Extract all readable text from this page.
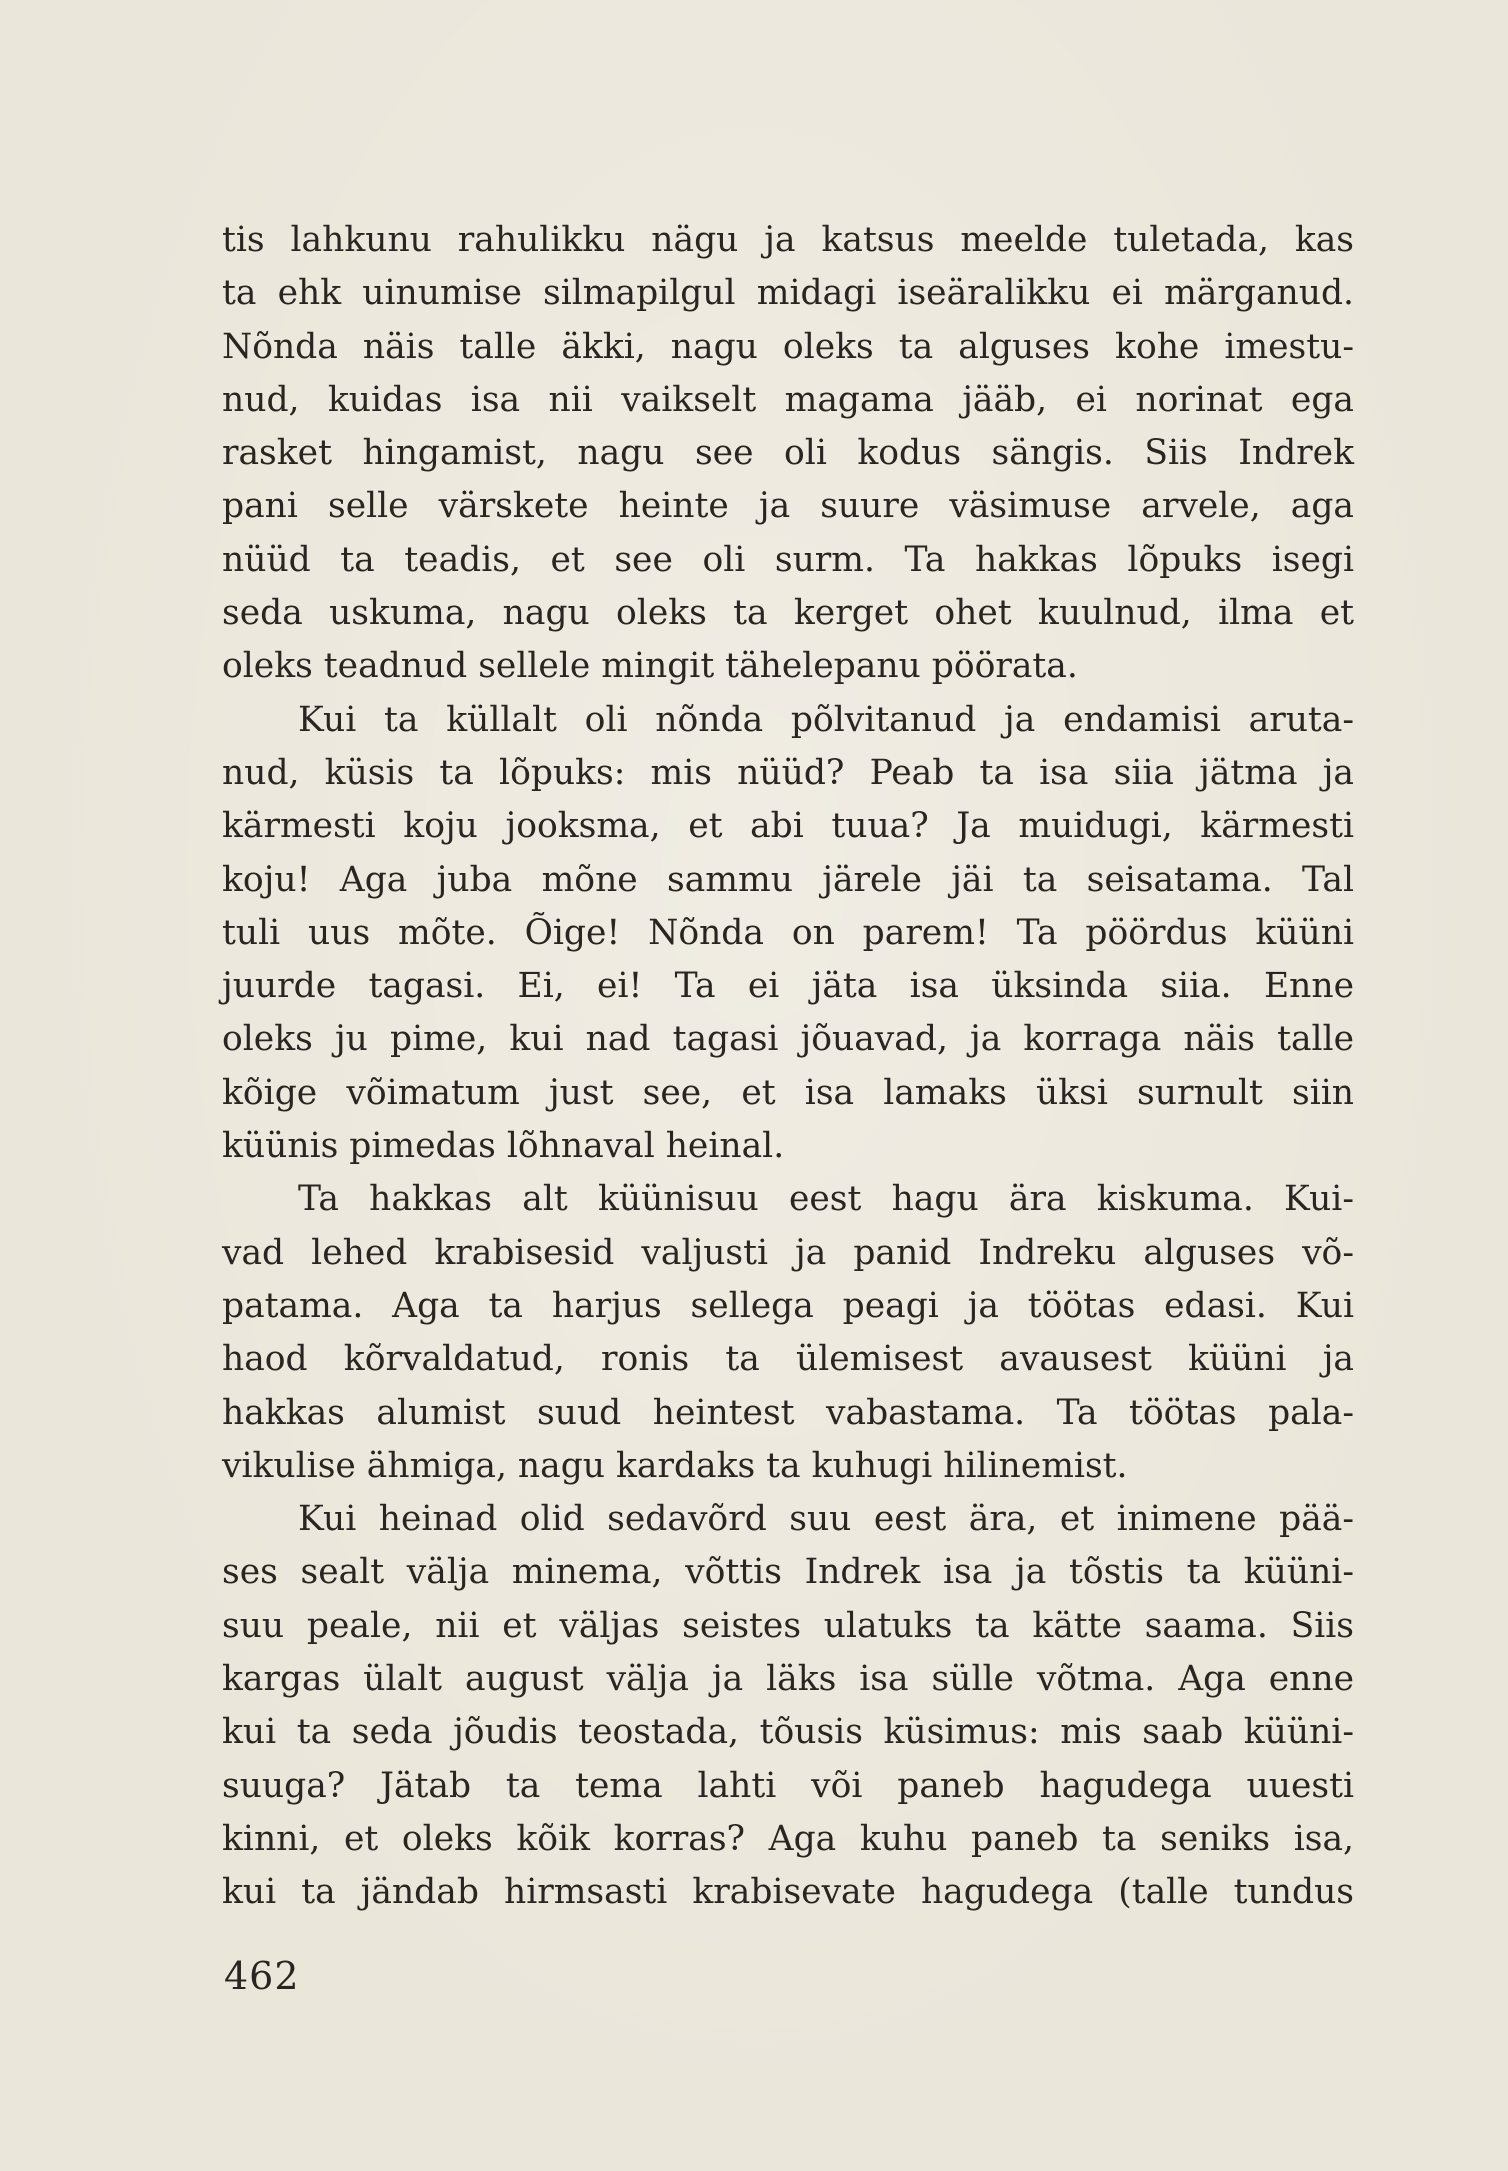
tis lahkunu rahulikku nägu ja katsus meelde tuletada, kas
ta ehk uinumise silmapilgul midagi iseäralikku ei märganud.
Nõnda näis talle äkki, nagu oleks ta alguses kohe imestu-
nud, kuidas isa nii vaikselt magama jääb, ei norinat ega
rasket hingamist, nagu see oli kodus sängis. Siis Indrek
pani selle värskete heinte ja suure väsimuse arvele, aga
nüüd ta teadis, et see oli surm. Ta hakkas lõpuks isegi
seda uskuma, nagu oleks ta kerget ohet kuulnud, ilma et
oleks teadnud sellele mingit tähelepanu pöörata.
Kui ta küllalt oli nõnda põlvitanud ja endamisi aruta-
nud, küsis ta lõpuks: mis nüüd? Peab ta isa siia jätma ja
kärmesti koju jooksma, et abi tuua? Ja muidugi, kärmesti
koju! Aga juba mõne sammu järele jäi ta seisatama. Tal
tuli uus mõte. Õige! Nõnda on parem! Ta pöördus küüni
juurde tagasi. Ei, ei! Ta ei jäta isa üksinda siia. Enne
oleks ju pime, kui nad tagasi jõuavad, ja korraga näis talle
kõige võimatum just see, et isa lamaks üksi surnult siin
küünis pimedas lõhnaval heinal.
Ta hakkas alt küünisuu eest hagu ära kiskuma. Kui-
vad lehed krabisesid valjusti ja panid Indreku alguses võ-
patama. Aga ta harjus sellega peagi ja töötas edasi. Kui
haod kõrvaldatud, ronis ta ülemisest avausest küüni ja
hakkas alumist suud heintest vabastama. Ta töötas pala-
vikulise ähmiga, nagu kardaks ta kuhugi hilinemist.
Kui heinad olid sedavõrd suu eest ära, et inimene pää-
ses sealt välja minema, võttis Indrek isa ja tõstis ta küüni-
suu peale, nii et väljas seistes ulatuks ta kätte saama. Siis
kargas ülalt august välja ja läks isa sülle võtma. Aga enne
kui ta seda jõudis teostada, tõusis küsimus: mis saab küüni-
suuga? Jätab ta tema lahti või paneb hagudega uuesti
kinni, et oleks kõik korras? Aga kuhu paneb ta seniks isa,
kui ta jändab hirmsasti krabisevate hagudega (talle tundus
462
